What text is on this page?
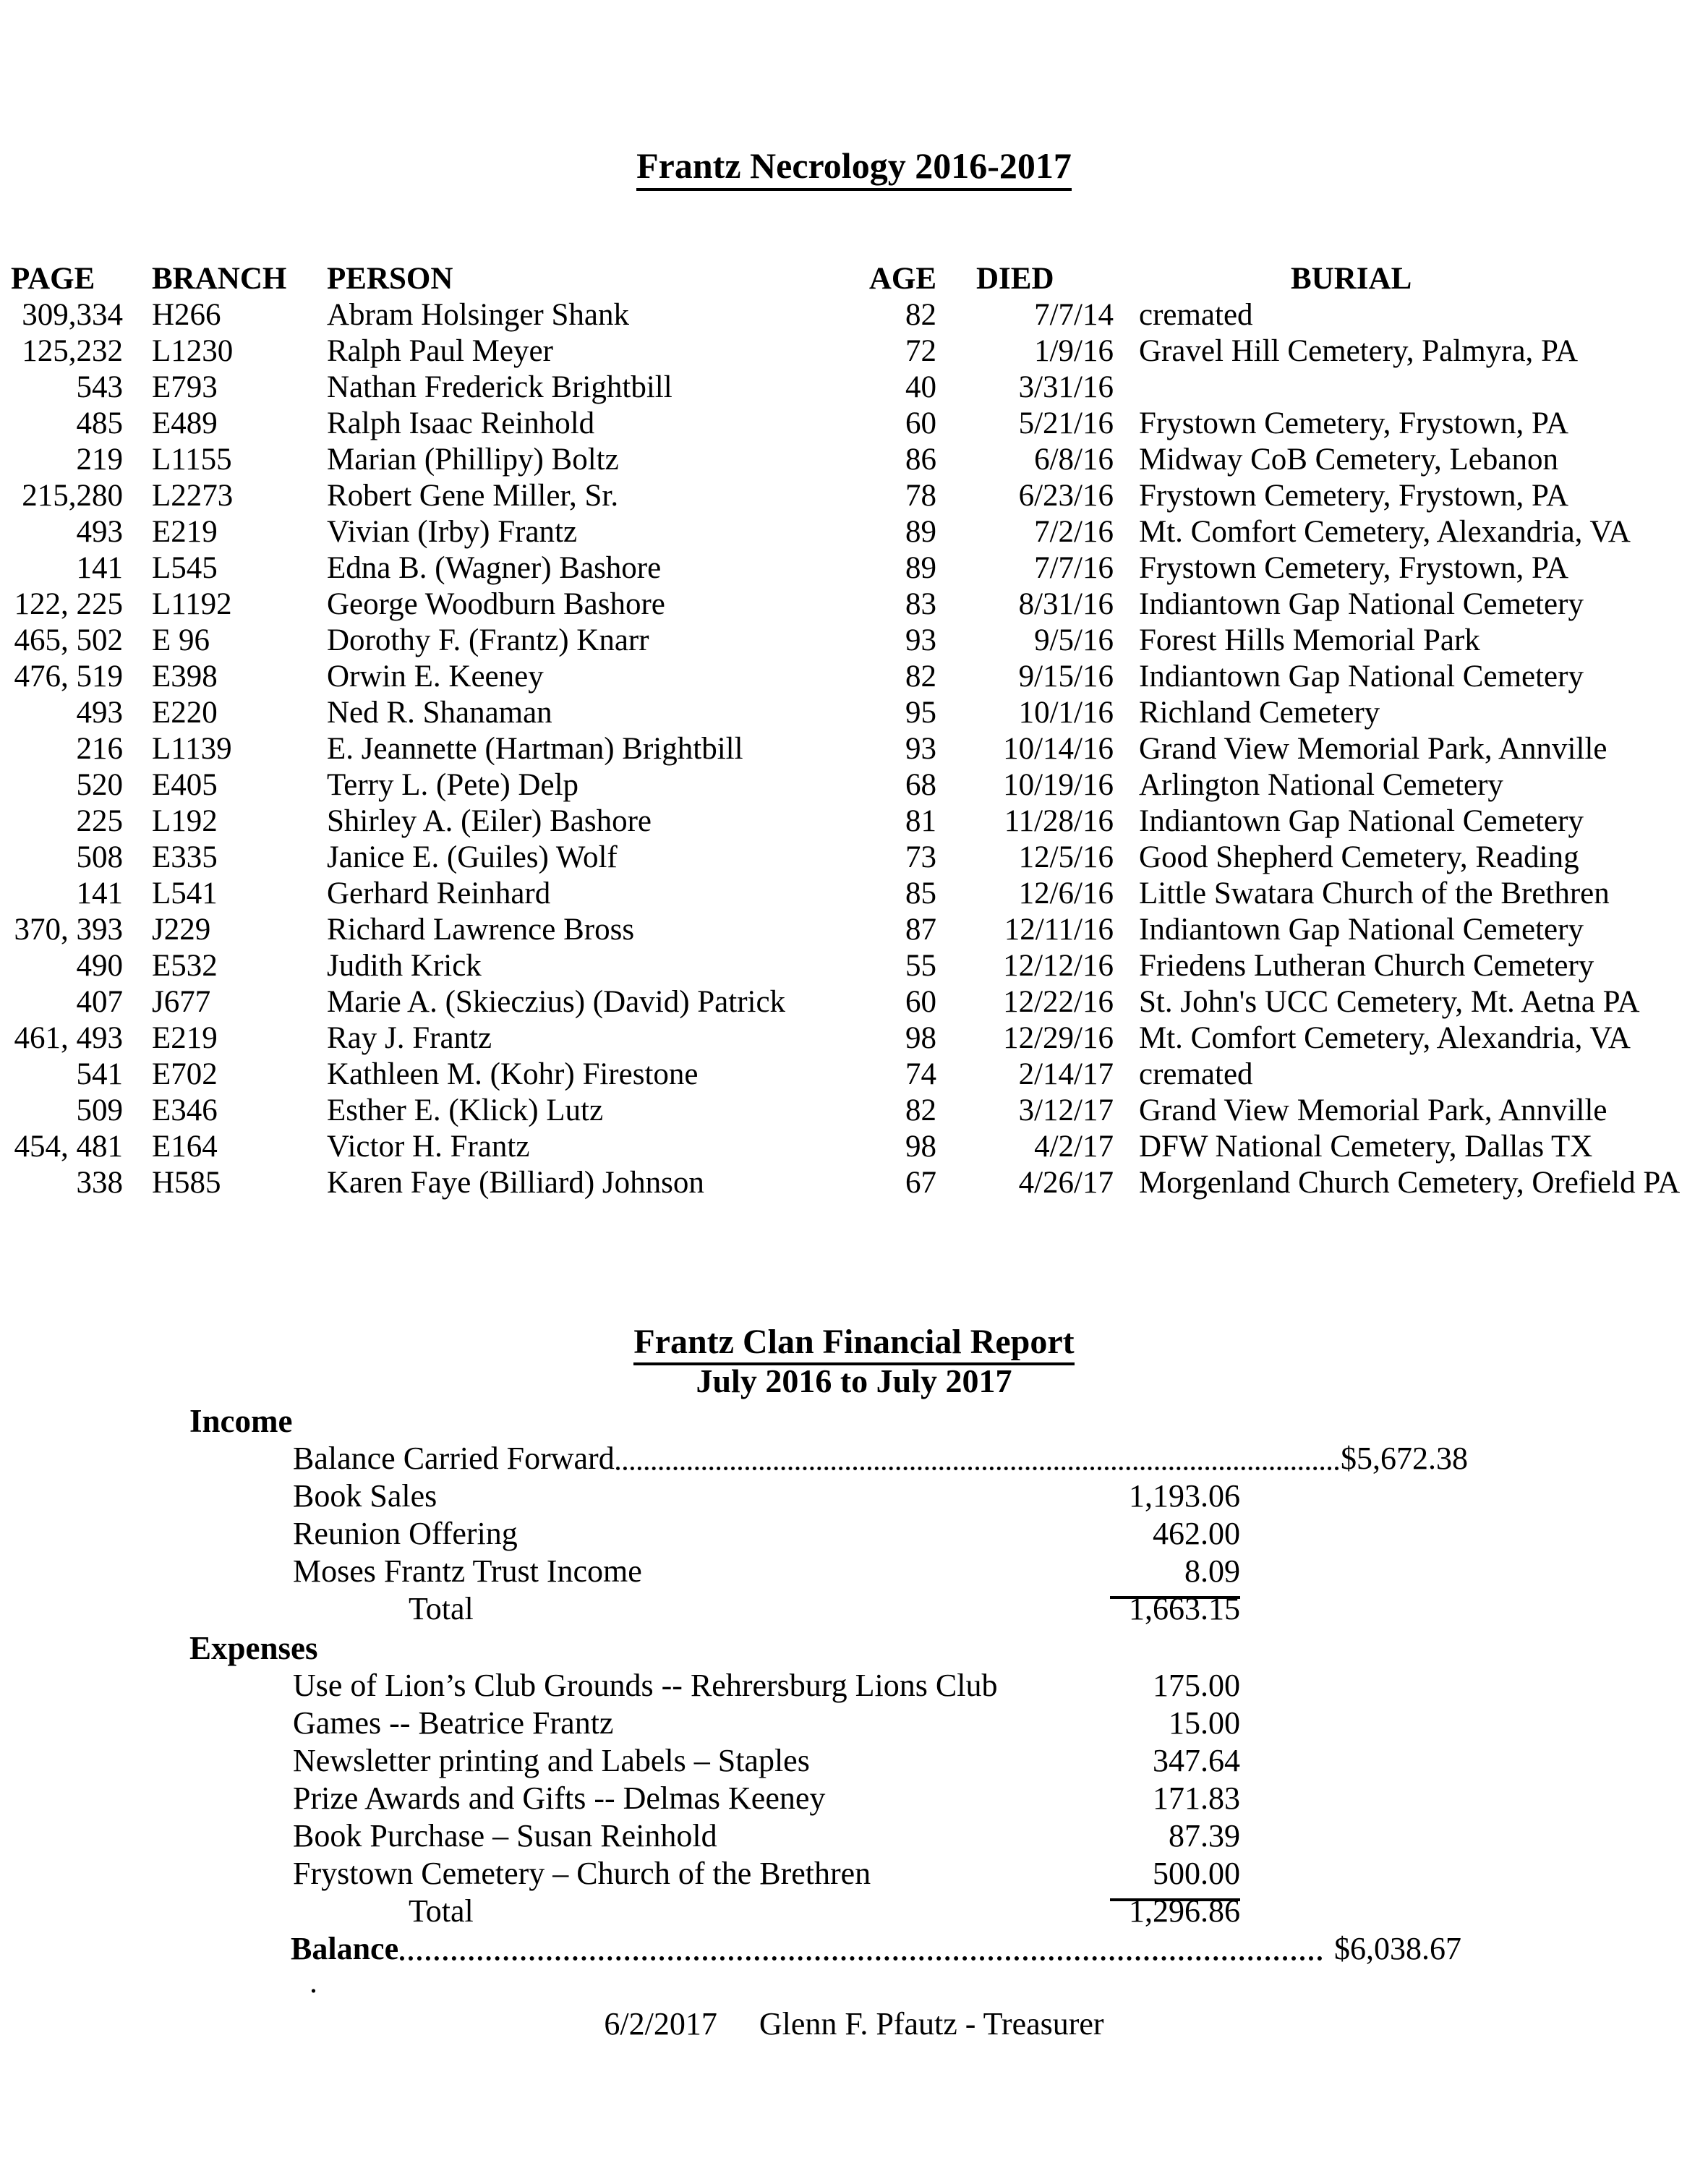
Frantz Necrology 2016-2017
PAGE	BRANCH	PERSON	AGE	DIED	BURIAL
309,334 H266	Abram Holsinger Shank	82	7/7/14 cremated
125,232 L1230	Ralph Paul Meyer	72	1/9/16 Gravel Hill Cemetery, Palmyra, PA
543 E793	Nathan Frederick Brightbill	40	3/31/16
485 E489	Ralph Isaac Reinhold	60	5/21/16 Frystown Cemetery, Frystown, PA
219 L1155	Marian (Phillipy) Boltz	86	6/8/16 Midway CoB Cemetery, Lebanon
215,280 L2273	Robert Gene Miller, Sr.	78	6/23/16 Frystown Cemetery, Frystown, PA
493 E219	Vivian (Irby) Frantz	89	7/2/16 Mt. Comfort Cemetery, Alexandria, VA
141 L545	Edna B. (Wagner) Bashore	89	7/7/16 Frystown Cemetery, Frystown, PA
122, 225 L1192	George Woodburn Bashore	83	8/31/16 Indiantown Gap National Cemetery
465, 502 E 96	Dorothy F. (Frantz) Knarr	93	9/5/16 Forest Hills Memorial Park
476, 519 E398	Orwin E. Keeney	82	9/15/16 Indiantown Gap National Cemetery
493 E220	Ned R. Shanaman	95	10/1/16 Richland Cemetery
216 L1139	E. Jeannette (Hartman) Brightbill	93	10/14/16 Grand View Memorial Park, Annville
520 E405	Terry L. (Pete) Delp	68	10/19/16 Arlington National Cemetery
225 L192	Shirley A. (Eiler) Bashore	81	11/28/16 Indiantown Gap National Cemetery
508 E335	Janice E. (Guiles) Wolf	73	12/5/16 Good Shepherd Cemetery, Reading
141 L541	Gerhard Reinhard	85	12/6/16 Little Swatara Church of the Brethren
370, 393 J229	Richard Lawrence Bross	87	12/11/16 Indiantown Gap National Cemetery
490 E532	Judith Krick	55	12/12/16 Friedens Lutheran Church Cemetery
407 J677	Marie A. (Skieczius) (David) Patrick	60	12/22/16 St. John's UCC Cemetery, Mt. Aetna PA
461, 493 E219	Ray J. Frantz	98	12/29/16 Mt. Comfort Cemetery, Alexandria, VA
541 E702	Kathleen M. (Kohr) Firestone	74	2/14/17 cremated
509 E346	Esther E. (Klick) Lutz	82	3/12/17 Grand View Memorial Park, Annville
454, 481 E164	Victor H. Frantz	98	4/2/17 DFW National Cemetery, Dallas TX
338 H585	Karen Faye (Billiard) Johnson	67	4/26/17 Morgenland Church Cemetery, Orefield PA
Frantz Clan Financial Report
July 2016 to July 2017
Income
Balance Carried Forward	$5,672.38
Book Sales	1,193.06
Reunion Offering	462.00
Moses Frantz Trust Income	8.09
Total	1,663.15
Expenses
Use of Lion’s Club Grounds -- Rehrersburg Lions Club	175.00
Games -- Beatrice Frantz	15.00
Newsletter printing and Labels – Staples	347.64
Prize Awards and Gifts -- Delmas Keeney	171.83
Book Purchase – Susan Reinhold	87.39
Frystown Cemetery – Church of the Brethren	500.00
Total	1,296.86
Balance	$6,038.67
.
6/2/2017 Glenn F. Pfautz - Treasurer
